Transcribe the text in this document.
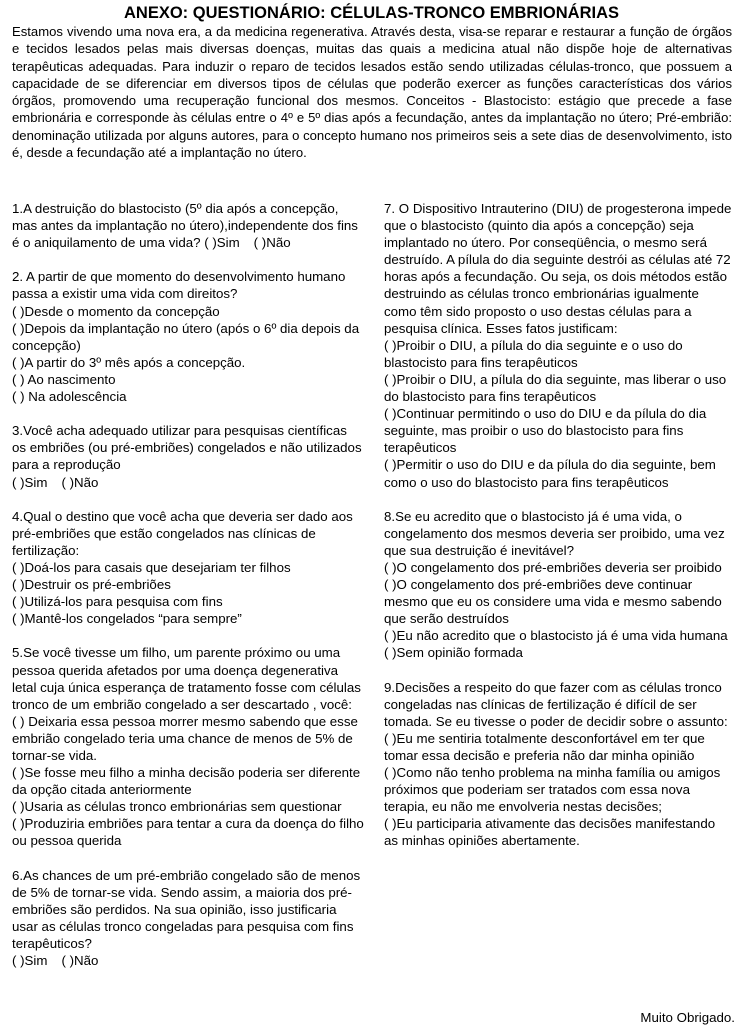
ANEXO: QUESTIONÁRIO: CÉLULAS-TRONCO EMBRIONÁRIAS
Estamos vivendo uma nova era, a da medicina regenerativa. Através desta, visa-se reparar e restaurar a função de órgãos e tecidos lesados pelas mais diversas doenças, muitas das quais a medicina atual não dispõe hoje de alternativas terapêuticas adequadas. Para induzir o reparo de tecidos lesados estão sendo utilizadas células-tronco, que possuem a capacidade de se diferenciar em diversos tipos de células que poderão exercer as funções características dos vários órgãos, promovendo uma recuperação funcional dos mesmos. Conceitos - Blastocisto: estágio que precede a fase embrionária e corresponde às células entre o 4º e 5º dias após a fecundação, antes da implantação no útero; Pré-embrião: denominação utilizada por alguns autores, para o concepto humano nos primeiros seis a sete dias de desenvolvimento, isto é, desde a fecundação até a implantação no útero.
1.A destruição do blastocisto (5º dia após a concepção, mas antes da implantação no útero),independente dos fins é o aniquilamento de uma vida? ( )Sim ( )Não

2. A partir de que momento do desenvolvimento humano passa a existir uma vida com direitos?

( )Desde o momento da concepção
( )Depois da implantação no útero (após o 6º dia depois da concepção)
( )A partir do 3º mês após a concepção.
( ) Ao nascimento
( ) Na adolescência

3.Você acha adequado utilizar para pesquisas científicas os embriões (ou pré-embriões) congelados e não utilizados para a reprodução

( )Sim ( )Não

4.Qual o destino que você acha que deveria ser dado aos pré-embriões que estão congelados nas clínicas de fertilização:

( )Doá-los para casais que desejariam ter filhos
( )Destruir os pré-embriões
( )Utilizá-los para pesquisa com fins
( )Mantê-los congelados “para sempre”

5.Se você tivesse um filho, um parente próximo ou uma pessoa querida afetados por uma doença degenerativa letal cuja única esperança de tratamento fosse com células tronco de um embrião congelado a ser descartado , você:

( ) Deixaria essa pessoa morrer mesmo sabendo que esse embrião congelado teria uma chance de menos de 5% de tornar-se vida.
( )Se fosse meu filho a minha decisão poderia ser diferente da opção citada anteriormente
( )Usaria as células tronco embrionárias sem questionar
( )Produziria embriões para tentar a cura da doença do filho ou pessoa querida

6.As chances de um pré-embrião congelado são de menos de 5% de tornar-se vida. Sendo assim, a maioria dos pré-embriões são perdidos. Na sua opinião, isso justificaria usar as células tronco congeladas para pesquisa com fins terapêuticos?

( )Sim ( )Não

7. O Dispositivo Intrauterino (DIU) de progesterona impede que o blastocisto (quinto dia após a concepção) seja implantado no útero. Por conseqüência, o mesmo será destruído. A pílula do dia seguinte destrói as células até 72 horas após a fecundação. Ou seja, os dois métodos estão destruindo as células tronco embrionárias igualmente como têm sido proposto o uso destas células para a pesquisa clínica. Esses fatos justificam:

( )Proibir o DIU, a pílula do dia seguinte e o uso do blastocisto para fins terapêuticos
( )Proibir o DIU, a pílula do dia seguinte, mas liberar o uso do blastocisto para fins terapêuticos
( )Continuar permitindo o uso do DIU e da pílula do dia seguinte, mas proibir o uso do blastocisto para fins terapêuticos
( )Permitir o uso do DIU e da pílula do dia seguinte, bem como o uso do blastocisto para fins terapêuticos

8.Se eu acredito que o blastocisto já é uma vida, o congelamento dos mesmos deveria ser proibido, uma vez que sua destruição é inevitável?

( )O congelamento dos pré-embriões deveria ser proibido
( )O congelamento dos pré-embriões deve continuar mesmo que eu os considere uma vida e mesmo sabendo que serão destruídos
( )Eu não acredito que o blastocisto já é uma vida humana
( )Sem opinião formada

9.Decisões a respeito do que fazer com as células tronco congeladas nas clínicas de fertilização é difícil de ser tomada. Se eu tivesse o poder de decidir sobre o assunto:

( )Eu me sentiria totalmente desconfortável em ter que tomar essa decisão e preferia não dar minha opinião
( )Como não tenho problema na minha família ou amigos próximos que poderiam ser tratados com essa nova terapia, eu não me envolveria nestas decisões;
( )Eu participaria ativamente das decisões manifestando as minhas opiniões abertamente.
Muito Obrigado.
